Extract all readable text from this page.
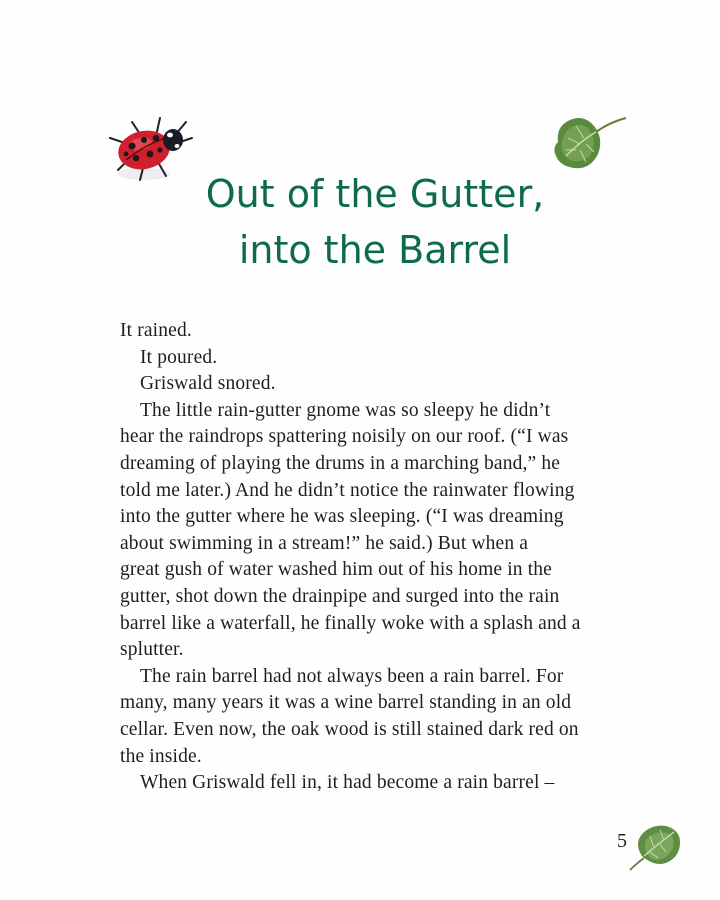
Out of the Gutter,
into the Barrel

It rained.

It poured.

Griswald snored.

The little rain-gutter gnome was so sleepy he didn’t
hear the raindrops spattering noisily on our roof. (“I was
dreaming of playing the drums in a marching band,” he
told me later.) And he didn’t notice the rainwater flowing
into the gutter where he was sleeping. (“I was dreaming
about swimming in a stream!” he said.) But when a
great gush of water washed him out of his home in the
gutter, shot down the drainpipe and surged into the rain
barrel like a waterfall, he finally woke with a splash and a
splutter.

The rain barrel had not always been a rain barrel. For
many, many years it was a wine barrel standing in an old
cellar. Even now, the oak wood is still stained dark red on
the inside.

When Griswald fell in, it had become a rain barrel –

5
